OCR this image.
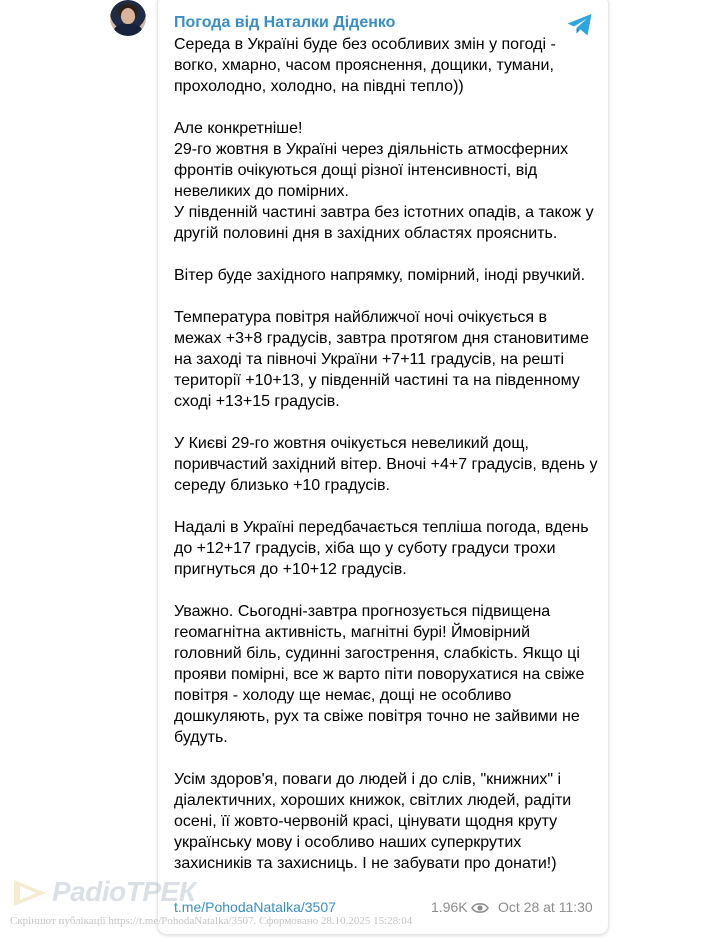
Погода від Наталки Діденко
Середа в Україні буде без особливих змін у погоді - вогко, хмарно, часом прояснення, дощики, тумани, прохолодно, холодно, на півдні тепло))

Але конкретніше!
29-го жовтня в Україні через діяльність атмосферних фронтів очікуються дощі різної інтенсивності, від невеликих до помірних.
У південній частині завтра без істотних опадів, а також у другій половині дня в західних областях прояснить.

Вітер буде західного напрямку, помірний, іноді рвучкий.

Температура повітря найближчої ночі очікується в межах +3+8 градусів, завтра протягом дня становитиме на заході та півночі України +7+11 градусів, на решті території +10+13, у південній частині та на південному сході +13+15 градусів.

У Києві 29-го жовтня очікується невеликий дощ, поривчастий західний вітер. Вночі +4+7 градусів, вдень у середу близько +10 градусів.

Надалі в Україні передбачається тепліша погода, вдень до +12+17 градусів, хіба що у суботу градуси трохи пригнуться до +10+12 градусів.

Уважно. Сьогодні-завтра прогнозується підвищена геомагнітна активність, магнітні бурі! Ймовірний головний біль, судинні загострення, слабкість. Якщо ці прояви помірні, все ж варто піти поворухатися на свіже повітря - холоду ще немає, дощі не особливо дошкуляють, рух та свіже повітря точно не зайвими не будуть.

Усім здоров'я, поваги до людей і до слів, "книжних" і діалектичних, хороших книжок, світлих людей, радіти осені, її жовто-червоній красі, цінувати щодня круту українську мову і особливо наших суперкрутих захисників та захисниць. І не забувати про донати!)
t.me/PohodaNatalka/3507	1.96K Oct 28 at 11:30
РаdіоТРЕК
Скріншот публікації https://t.me/PohodaNatalka/3507. Сформовано 28.10.2025 15:28:04
